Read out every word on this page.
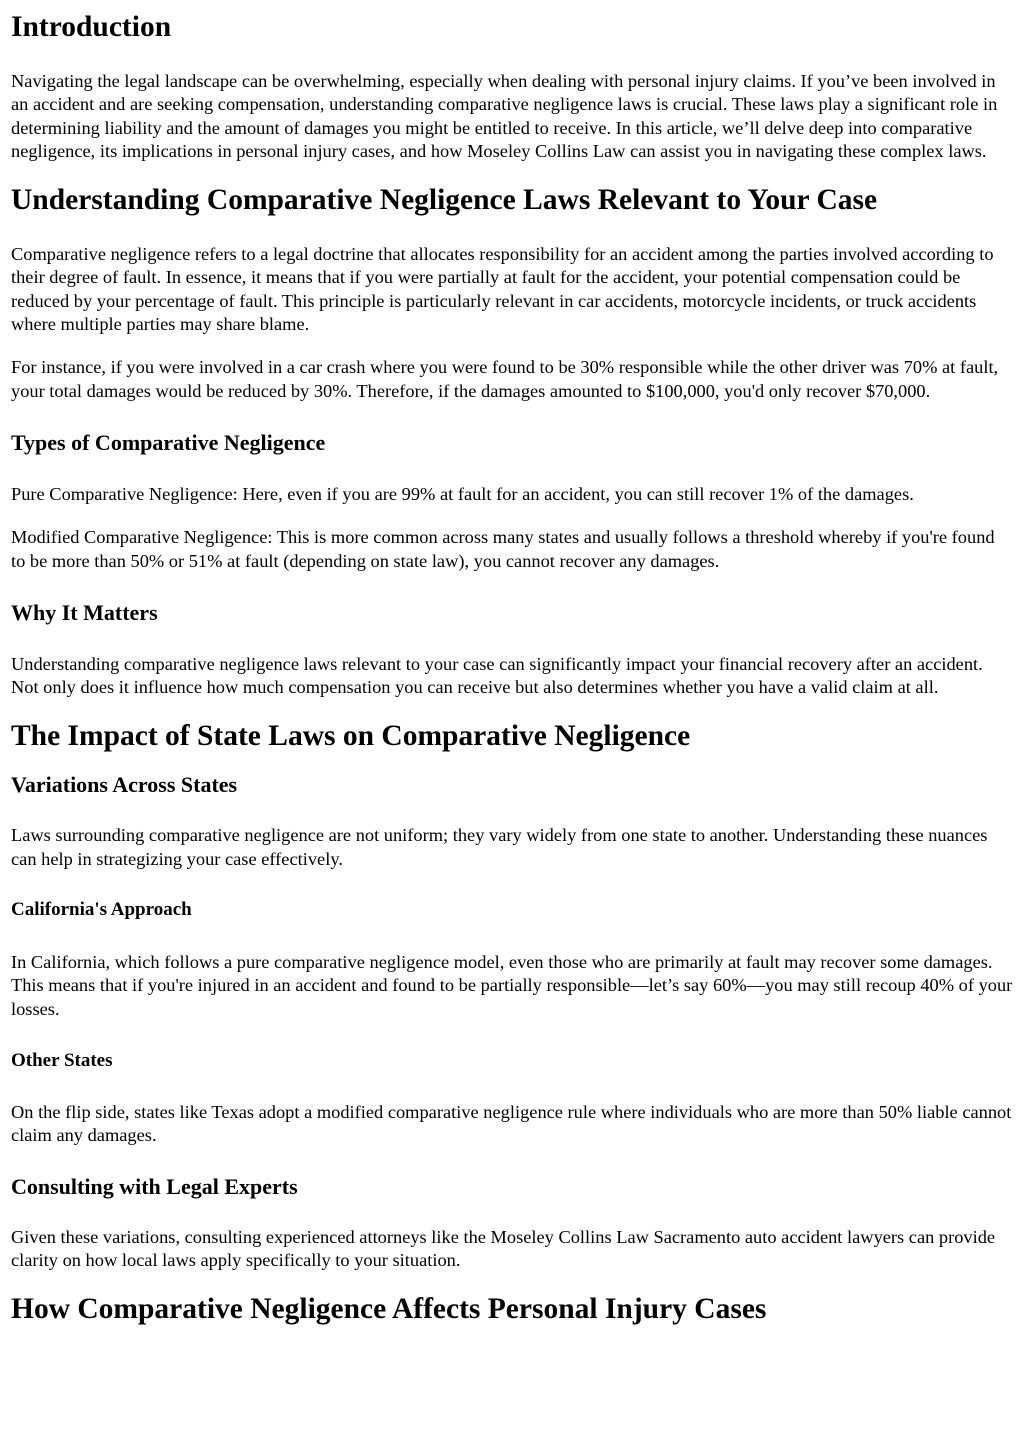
Introduction

Navigating the legal landscape can be overwhelming, especially when dealing with personal injury claims. If you’ve been involved in an accident and are seeking compensation, understanding comparative negligence laws is crucial. These laws play a significant role in determining liability and the amount of damages you might be entitled to receive. In this article, we’ll delve deep into comparative negligence, its implications in personal injury cases, and how Moseley Collins Law can assist you in navigating these complex laws.

Understanding Comparative Negligence Laws Relevant to Your Case

Comparative negligence refers to a legal doctrine that allocates responsibility for an accident among the parties involved according to their degree of fault. In essence, it means that if you were partially at fault for the accident, your potential compensation could be reduced by your percentage of fault. This principle is particularly relevant in car accidents, motorcycle incidents, or truck accidents where multiple parties may share blame.

For instance, if you were involved in a car crash where you were found to be 30% responsible while the other driver was 70% at fault, your total damages would be reduced by 30%. Therefore, if the damages amounted to $100,000, you'd only recover $70,000.

Types of Comparative Negligence

Pure Comparative Negligence: Here, even if you are 99% at fault for an accident, you can still recover 1% of the damages.

Modified Comparative Negligence: This is more common across many states and usually follows a threshold whereby if you're found to be more than 50% or 51% at fault (depending on state law), you cannot recover any damages.

Why It Matters

Understanding comparative negligence laws relevant to your case can significantly impact your financial recovery after an accident. Not only does it influence how much compensation you can receive but also determines whether you have a valid claim at all.

The Impact of State Laws on Comparative Negligence
Variations Across States

Laws surrounding comparative negligence are not uniform; they vary widely from one state to another. Understanding these nuances can help in strategizing your case effectively.

California's Approach

In California, which follows a pure comparative negligence model, even those who are primarily at fault may recover some damages. This means that if you're injured in an accident and found to be partially responsible—let’s say 60%—you may still recoup 40% of your losses.

Other States

On the flip side, states like Texas adopt a modified comparative negligence rule where individuals who are more than 50% liable cannot claim any damages.

Consulting with Legal Experts

Given these variations, consulting experienced attorneys like the Moseley Collins Law Sacramento auto accident lawyers can provide clarity on how local laws apply specifically to your situation.

How Comparative Negligence Affects Personal Injury Cases
